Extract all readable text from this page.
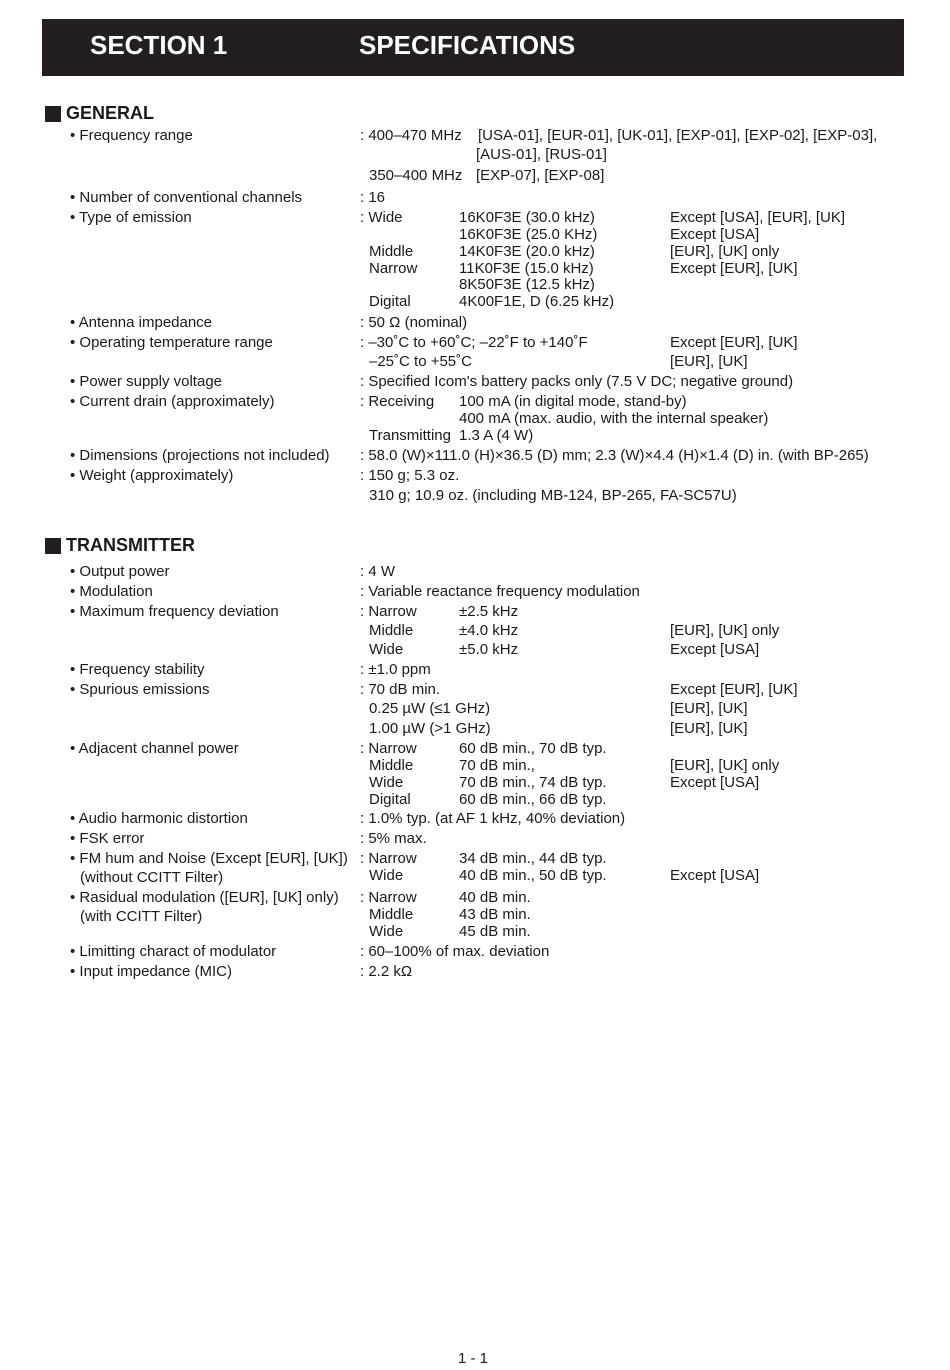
SECTION 1	SPECIFICATIONS
GENERAL
• Frequency range	: 400–470 MHz [USA-01], [EUR-01], [UK-01], [EXP-01], [EXP-02], [EXP-03],
[AUS-01], [RUS-01]
350–400 MHz [EXP-07], [EXP-08]
• Number of conventional channels	: 16
• Type of emission	: Wide	16K0F3E (30.0 kHz)	Except [USA], [EUR], [UK]
16K0F3E (25.0 KHz)	Except [USA]
Middle	14K0F3E (20.0 kHz)	[EUR], [UK] only
Narrow	11K0F3E (15.0 kHz)	Except [EUR], [UK]
8K50F3E (12.5 kHz)
Digital	4K00F1E, D (6.25 kHz)
• Antenna impedance	: 50 Ω (nominal)
• Operating temperature range	: –30˚C to +60˚C; –22˚F to +140˚F	Except [EUR], [UK]
–25˚C to +55˚C	[EUR], [UK]
• Power supply voltage	: Specified Icom's battery packs only (7.5 V DC; negative ground)
• Current drain (approximately)	: Receiving 100 mA (in digital mode, stand-by)
400 mA (max. audio, with the internal speaker)
Transmitting 1.3 A (4 W)
• Dimensions (projections not included) : 58.0 (W)×111.0 (H)×36.5 (D) mm; 2.3 (W)×4.4 (H)×1.4 (D) in. (with BP-265)
• Weight (approximately)	: 150 g; 5.3 oz.
310 g; 10.9 oz. (including MB-124, BP-265, FA-SC57U)
TRANSMITTER
• Output power	: 4 W
• Modulation	: Variable reactance frequency modulation
• Maximum frequency deviation	: Narrow	±2.5 kHz
Middle	±4.0 kHz	[EUR], [UK] only
Wide	±5.0 kHz	Except [USA]
• Frequency stability	: ±1.0 ppm
• Spurious emissions	: 70 dB min.	Except [EUR], [UK]
0.25 µW (≤1 GHz)	[EUR], [UK]
1.00 µW (>1 GHz)	[EUR], [UK]
• Adjacent channel power	: Narrow	60 dB min., 70 dB typ.
Middle	70 dB min.,	[EUR], [UK] only
Wide	70 dB min., 74 dB typ.	Except [USA]
Digital	60 dB min., 66 dB typ.
• Audio harmonic distortion	: 1.0% typ. (at AF 1 kHz, 40% deviation)
• FSK error	: 5% max.
• FM hum and Noise (Except [EUR], [UK])
(without CCITT Filter)
: Narrow	34 dB min., 44 dB typ.
Wide	40 dB min., 50 dB typ.	Except [USA]
• Rasidual modulation ([EUR], [UK] only)
(with CCITT Filter)
: Narrow	40 dB min.
Middle	43 dB min.
Wide	45 dB min.
• Limitting charact of modulator	: 60–100% of max. deviation
• Input impedance (MIC)	: 2.2 kΩ
1 - 1
